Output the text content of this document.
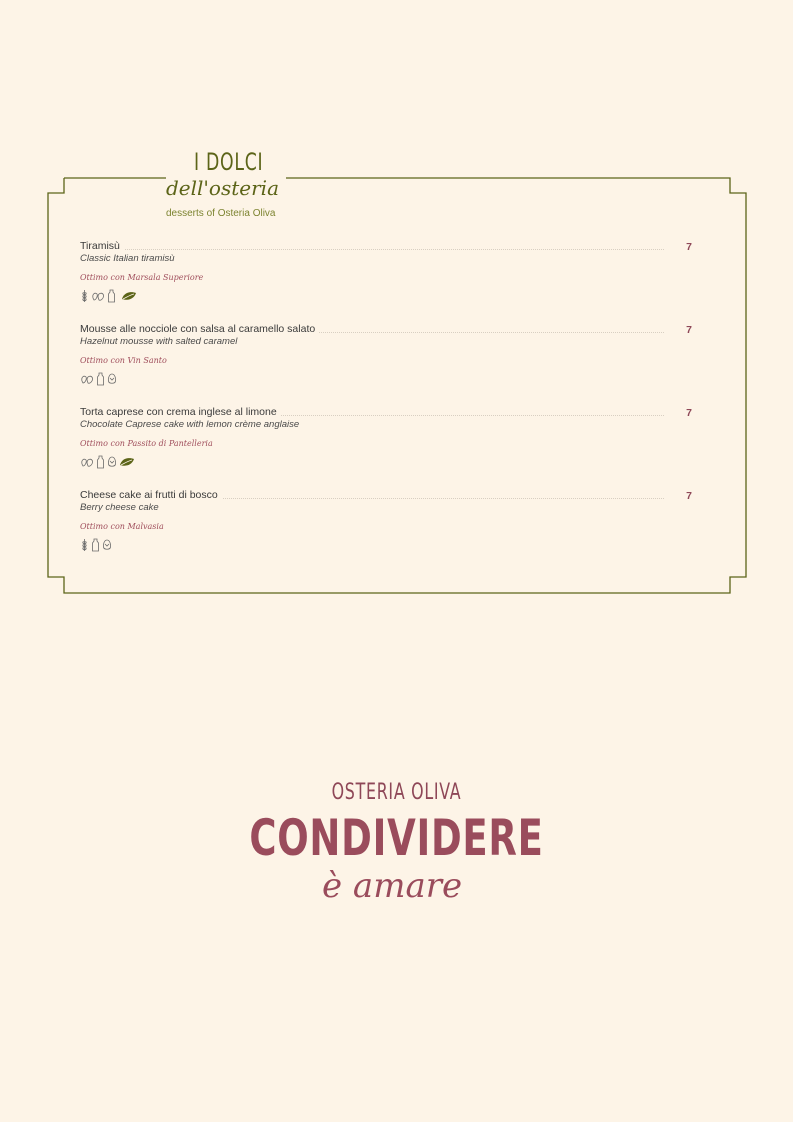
I DOLCI
dell'osteria
desserts of Osteria Oliva
Tiramisù	7
Classic Italian tiramisù
Ottimo con Marsala Superiore
Mousse alle nocciole con salsa al caramello salato	7
Hazelnut mousse with salted caramel
Ottimo con Vin Santo
Torta caprese con crema inglese al limone	7
Chocolate Caprese cake with lemon crème anglaise
Ottimo con Passito di Pantelleria
Cheese cake ai frutti di bosco	7
Berry cheese cake
Ottimo con Malvasia
OSTERIA OLIVA
CONDIVIDERE
è amare
